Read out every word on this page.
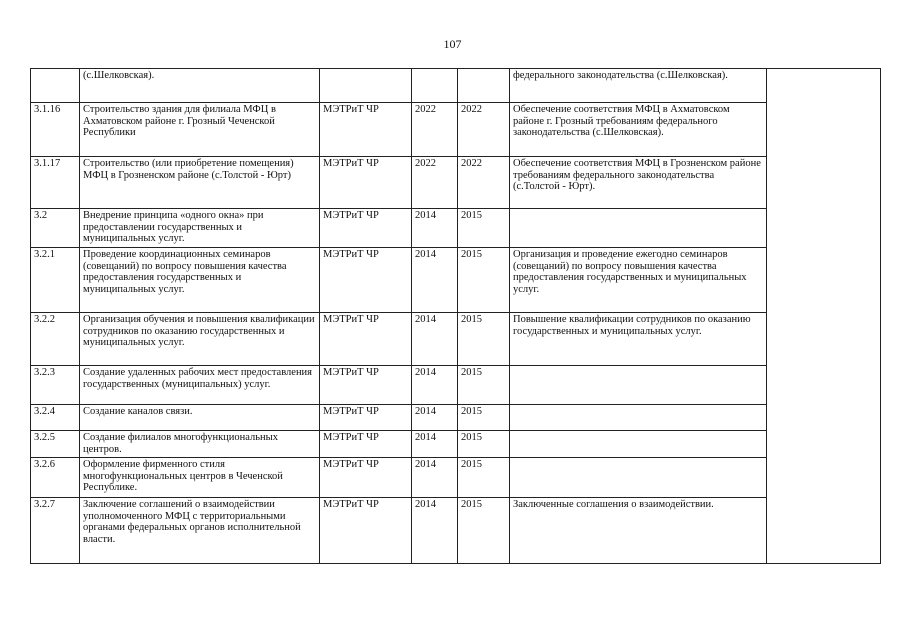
107
	(с.Шелковская).				федерального законодательства (с.Шелковская).	
3.1.16	Строительство здания для филиала МФЦ в Ахматовском районе г. Грозный Чеченской Республики	МЭТРиТ ЧР	2022	2022	Обеспечение соответствия МФЦ в Ахматовском районе г. Грозный требованиям федерального законодательства (с.Шелковская).	
3.1.17	Строительство (или приобретение помещения) МФЦ в Грозненском районе (с.Толстой - Юрт)	МЭТРиТ ЧР	2022	2022	Обеспечение соответствия МФЦ в Грозненском районе требованиям федерального законодательства (с.Толстой - Юрт).	
3.2	Внедрение принципа «одного окна» при предоставлении государственных и муниципальных услуг.	МЭТРиТ ЧР	2014	2015		
3.2.1	Проведение координационных семинаров (совещаний) по вопросу повышения качества предоставления государственных и муниципальных услуг.	МЭТРиТ ЧР	2014	2015	Организация и проведение ежегодно семинаров (совещаний) по вопросу повышения качества предоставления государственных и муниципальных услуг.	
3.2.2	Организация обучения и повышения квалификации сотрудников по оказанию государственных и муниципальных услуг.	МЭТРиТ ЧР	2014	2015	Повышение квалификации сотрудников по оказанию государственных и муниципальных услуг.	
3.2.3	Создание удаленных рабочих мест предоставления государственных (муниципальных) услуг.	МЭТРиТ ЧР	2014	2015		
3.2.4	Создание каналов связи.	МЭТРиТ ЧР	2014	2015		
3.2.5	Создание филиалов многофункциональных центров.	МЭТРиТ ЧР	2014	2015		
3.2.6	Оформление фирменного стиля многофункциональных центров в Чеченской Республике.	МЭТРиТ ЧР	2014	2015		
3.2.7	Заключение соглашений о взаимодействии уполномоченного МФЦ с территориальными органами федеральных органов исполнительной власти.	МЭТРиТ ЧР	2014	2015	Заключенные соглашения о взаимодействии.	
